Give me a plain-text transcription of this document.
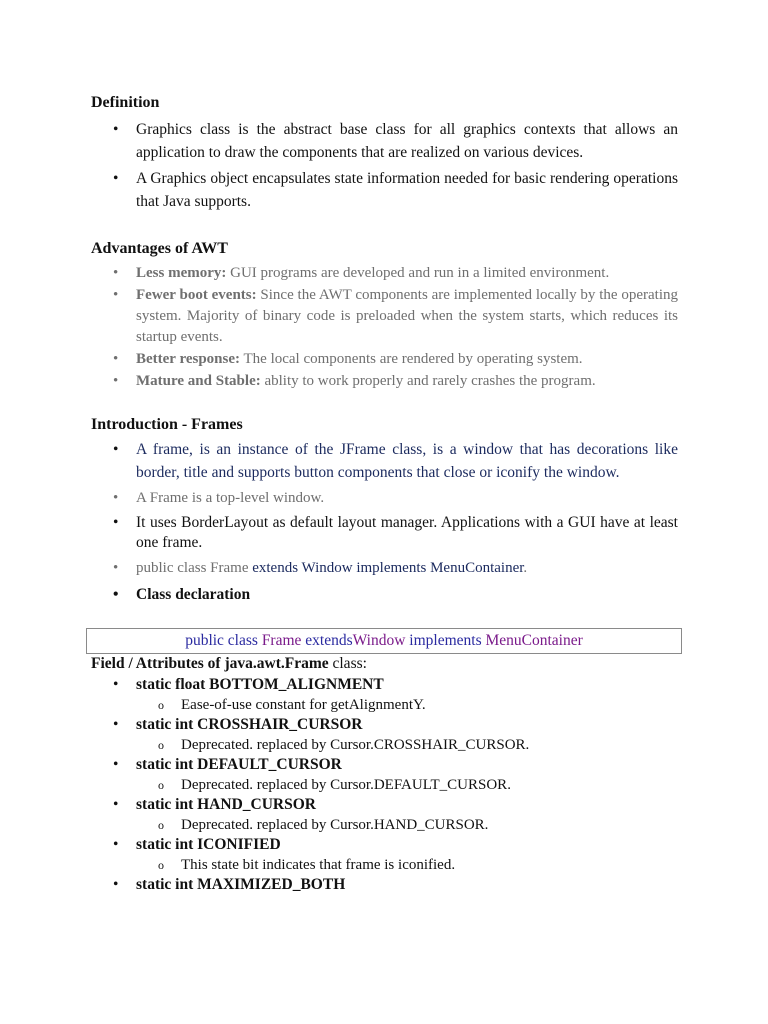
Definition
• Graphics class is the abstract base class for all graphics contexts that allows an application to draw the components that are realized on various devices.
• A Graphics object encapsulates state information needed for basic rendering operations that Java supports.
Advantages of AWT
• Less memory: GUI programs are developed and run in a limited environment.
• Fewer boot events: Since the AWT components are implemented locally by the operating system. Majority of binary code is preloaded when the system starts, which reduces its startup events.
• Better response: The local components are rendered by operating system.
• Mature and Stable: ablity to work properly and rarely crashes the program.
Introduction - Frames
• A frame, is an instance of the JFrame class, is a window that has decorations like border, title and supports button components that close or iconify the window.
• A Frame is a top-level window.
• It uses BorderLayout as default layout manager. Applications with a GUI have at least one frame.
• public class Frame extends Window implements MenuContainer.
• Class declaration
public class Frame extendsWindow implements MenuContainer
Field / Attributes of java.awt.Frame class:
• static float BOTTOM_ALIGNMENT
o Ease-of-use constant for getAlignmentY.
• static int CROSSHAIR_CURSOR
o Deprecated. replaced by Cursor.CROSSHAIR_CURSOR.
• static int DEFAULT_CURSOR
o Deprecated. replaced by Cursor.DEFAULT_CURSOR.
• static int HAND_CURSOR
o Deprecated. replaced by Cursor.HAND_CURSOR.
• static int ICONIFIED
o This state bit indicates that frame is iconified.
• static int MAXIMIZED_BOTH
